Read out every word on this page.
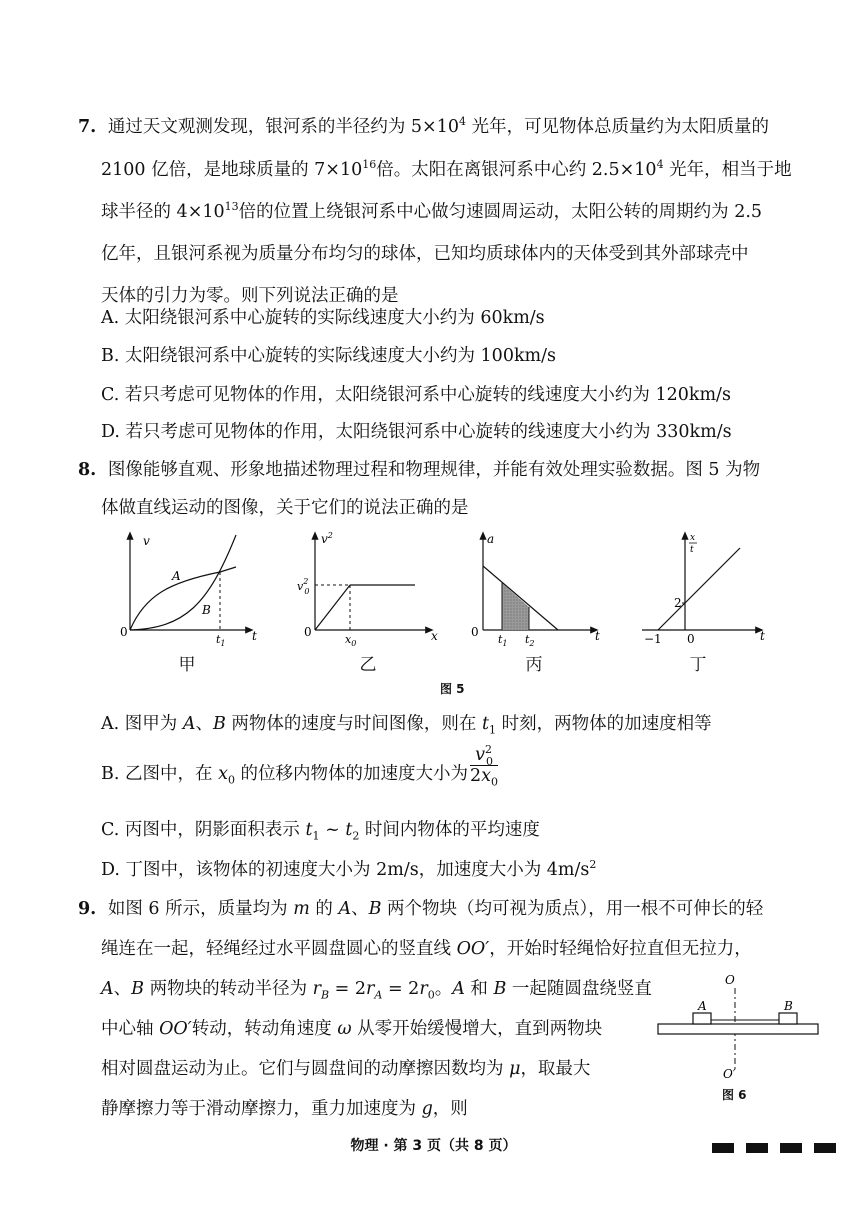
7. 通过天文观测发现，银河系的半径约为 $5\times 10^4$ 光年，可见物体总质量约为太阳质量的
2100 亿倍，是地球质量的 $7\times 10^{16}$倍。太阳在离银河系中心约 $2.5\times 10^4$ 光年，相当于地
球半径的 $4\times 10^{13}$倍的位置上绕银河系中心做匀速圆周运动，太阳公转的周期约为 2.5
亿年，且银河系视为质量分布均匀的球体，已知均质球体内的天体受到其外部球壳中
天体的引力为零。则下列说法正确的是
A. 太阳绕银河系中心旋转的实际线速度大小约为 60km/s
B. 太阳绕银河系中心旋转的实际线速度大小约为 100km/s
C. 若只考虑可见物体的作用，太阳绕银河系中心旋转的线速度大小约为 120km/s
D. 若只考虑可见物体的作用，太阳绕银河系中心旋转的线速度大小约为 330km/s
8. 图像能够直观、形象地描述物理过程和物理规律，并能有效处理实验数据。图 5 为物
体做直线运动的图像，关于它们的说法正确的是
v
t
0
A
B
$t_1$
$v^2$
x
0
$v^2$ 0
$x_0$
a
t
0
$t_1$ $t_2$
x
t
t
0
−1
2
甲	乙	丙	丁
图 5
A. 图甲为 A、B 两物体的速度与时间图像，则在 $t_1$ 时刻，两物体的加速度相等
B. 乙图中，在 $x_0$ 的位移内物体的加速度大小为 $\frac{v^2_0}{2x_0}$
C. 丙图中，阴影面积表示 $t_1$ ~ $t_2$ 时间内物体的平均速度
D. 丁图中，该物体的初速度大小为 2m/s，加速度大小为 $4m/s^2$
9. 如图 6 所示，质量均为 m 的 A、B 两个物块（均可视为质点），用一根不可伸长的轻
绳连在一起，轻绳经过水平圆盘圆心的竖直线 OO′，开始时轻绳恰好拉直但无拉力，
A、B 两物块的转动半径为 $r_B = 2r_A = 2r_0$。A 和 B 一起随圆盘绕竖直
中心轴 OO′转动，转动角速度 ω 从零开始缓慢增大，直到两物块
相对圆盘运动为止。它们与圆盘间的动摩擦因数均为 μ，取最大
静摩擦力等于滑动摩擦力，重力加速度为 g，则
O
O′
A	B
图 6
物理 · 第 3 页（共 8 页）
